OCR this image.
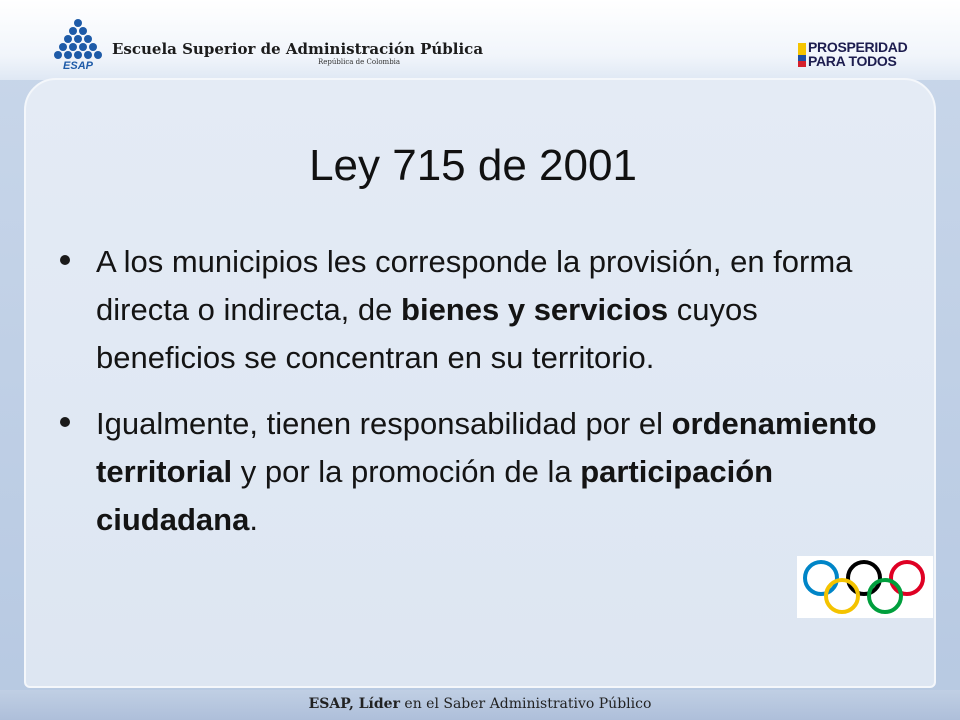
ESAP
Escuela Superior de Administración Pública
República de Colombia
PROSPERIDAD
PARA TODOS
Ley 715 de 2001
A los municipios les corresponde la provisión, en forma directa o indirecta, de bienes y servicios cuyos beneficios se concentran en su territorio.
Igualmente, tienen responsabilidad por el ordenamiento territorial y por la promoción de la participación ciudadana.
ESAP, Líder en el Saber Administrativo Público
